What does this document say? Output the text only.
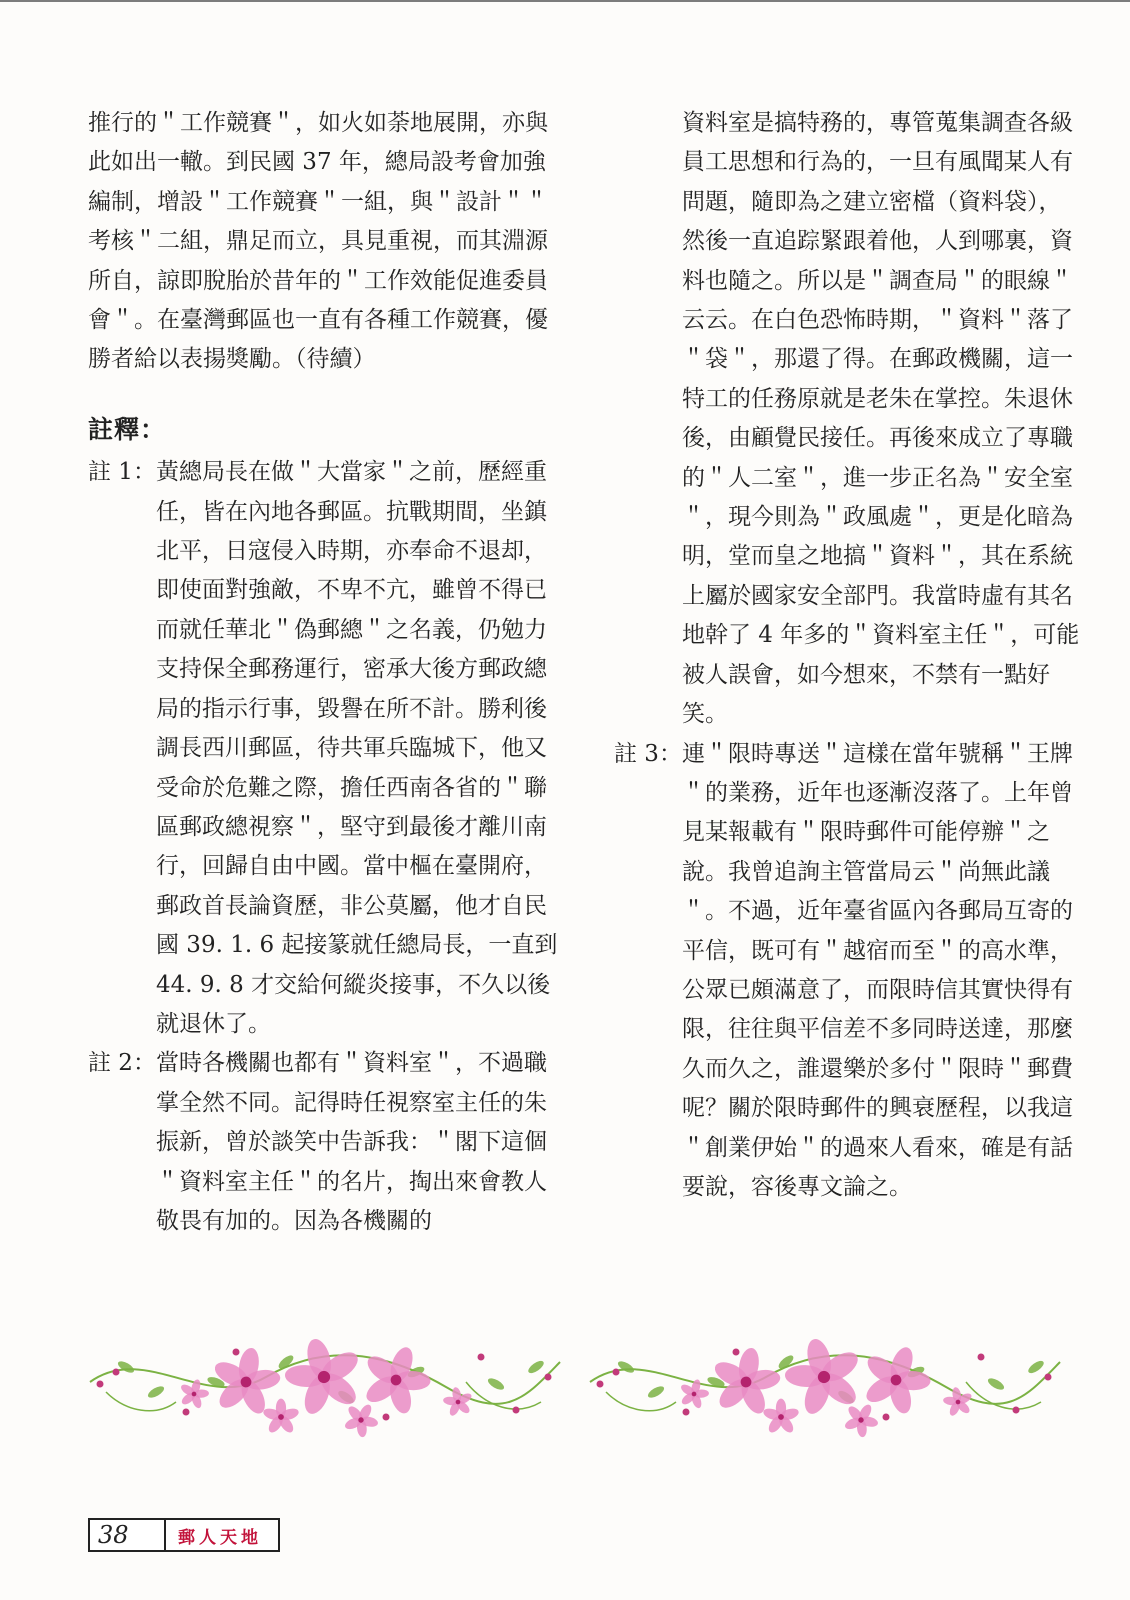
推行的＂工作競賽＂，如火如荼地展開，亦與此如出一轍。到民國 37 年，總局設考會加強編制，增設＂工作競賽＂一組，與＂設計＂＂考核＂二組，鼎足而立，具見重視，而其淵源所自，諒即脫胎於昔年的＂工作效能促進委員會＂。在臺灣郵區也一直有各種工作競賽，優勝者給以表揚獎勵。（待續）

註釋：

註 1： 黃總局長在做＂大當家＂之前，歷經重任，皆在內地各郵區。抗戰期間，坐鎮北平，日寇侵入時期，亦奉命不退却，即使面對強敵，不卑不亢，雖曾不得已而就任華北＂偽郵總＂之名義，仍勉力支持保全郵務運行，密承大後方郵政總局的指示行事，毀譽在所不計。勝利後調長西川郵區，待共軍兵臨城下，他又受命於危難之際，擔任西南各省的＂聯區郵政總視察＂，堅守到最後才離川南行，回歸自由中國。當中樞在臺開府，郵政首長論資歷，非公莫屬，他才自民國 39. 1. 6 起接篆就任總局長，一直到 44. 9. 8 才交給何縱炎接事，不久以後就退休了。
註 2： 當時各機關也都有＂資料室＂，不過職掌全然不同。記得時任視察室主任的朱振新，曾於談笑中告訴我：＂閣下這個＂資料室主任＂的名片，掏出來會教人敬畏有加的。因為各機關的
資料室是搞特務的，專管蒐集調查各級員工思想和行為的，一旦有風聞某人有問題，隨即為之建立密檔（資料袋），然後一直追踪緊跟着他，人到哪裏，資料也隨之。所以是＂調查局＂的眼線＂云云。在白色恐怖時期，＂資料＂落了＂袋＂，那還了得。在郵政機關，這一特工的任務原就是老朱在掌控。朱退休後，由顧覺民接任。再後來成立了專職的＂人二室＂，進一步正名為＂安全室＂，現今則為＂政風處＂，更是化暗為明，堂而皇之地搞＂資料＂，其在系統上屬於國家安全部門。我當時虛有其名地幹了 4 年多的＂資料室主任＂，可能被人誤會，如今想來，不禁有一點好笑。
註 3： 連＂限時專送＂這樣在當年號稱＂王牌＂的業務，近年也逐漸沒落了。上年曾見某報載有＂限時郵件可能停辦＂之說。我曾追詢主管當局云＂尚無此議＂。不過，近年臺省區內各郵局互寄的平信，既可有＂越宿而至＂的高水準，公眾已頗滿意了，而限時信其實快得有限，往往與平信差不多同時送達，那麼久而久之，誰還樂於多付＂限時＂郵費呢？關於限時郵件的興衰歷程，以我這＂創業伊始＂的過來人看來，確是有話要說，容後專文論之。
38	郵人天地
